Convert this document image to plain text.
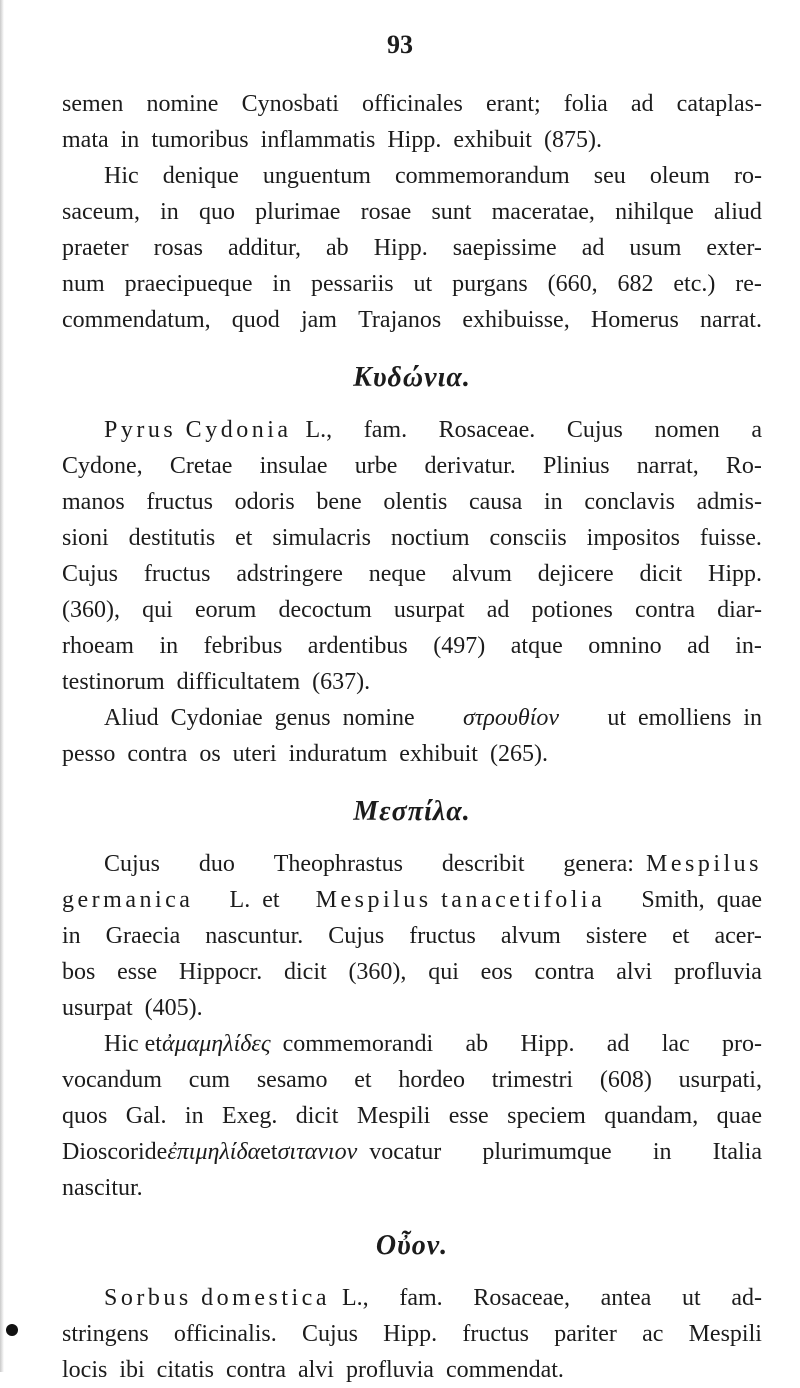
93
semen nomine Cynosbati officinales erant; folia ad cataplas-
mata in tumoribus inflammatis Hipp. exhibuit (875).
Hic denique unguentum commemorandum seu oleum ro-
saceum, in quo plurimae rosae sunt maceratae, nihilque aliud
praeter rosas additur, ab Hipp. saepissime ad usum exter-
num praecipueque in pessariis ut purgans (660, 682 etc.) re-
commendatum, quod jam Trajanos exhibuisse, Homerus narrat.
Κυδώνια.
Pyrus Cydonia L., fam. Rosaceae. Cujus nomen a
Cydone, Cretae insulae urbe derivatur. Plinius narrat, Ro-
manos fructus odoris bene olentis causa in conclavis admis-
sioni destitutis et simulacris noctium consciis impositos fuisse.
Cujus fructus adstringere neque alvum dejicere dicit Hipp.
(360), qui eorum decoctum usurpat ad potiones contra diar-
rhoeam in febribus ardentibus (497) atque omnino ad in-
testinorum difficultatem (637).
Aliud Cydoniae genus nomine στρουθίον ut emolliens in
pesso contra os uteri induratum exhibuit (265).
Μεσπίλα.
Cujus duo Theophrastus describit genera: Mespilus
germanica L. et Mespilus tanacetifolia Smith, quae
in Graecia nascuntur. Cujus fructus alvum sistere et acer-
bos esse Hippocr. dicit (360), qui eos contra alvi profluvia
usurpat (405).
Hic et ἀμαμηλίδες commemorandi ab Hipp. ad lac pro-
vocandum cum sesamo et hordeo trimestri (608) usurpati,
quos Gal. in Exeg. dicit Mespili esse speciem quandam, quae
Dioscoride ἐπιμηλίδα et σιτανιον vocatur plurimumque in Italia
nascitur.
Οὖον.
Sorbus domestica L., fam. Rosaceae, antea ut ad-
stringens officinalis. Cujus Hipp. fructus pariter ac Mespili
locis ibi citatis contra alvi profluvia commendat.
